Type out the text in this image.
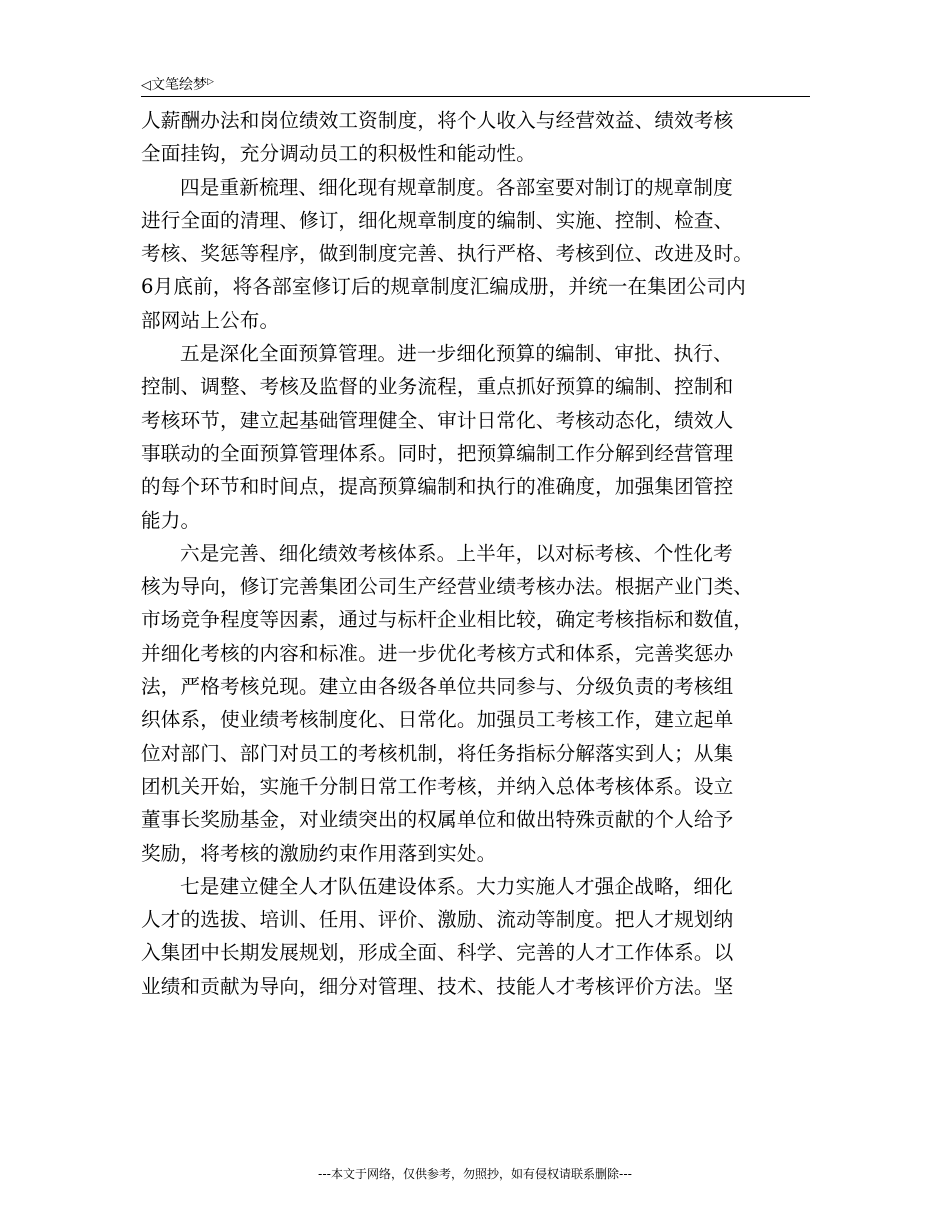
◁文笔绘梦▷
人薪酬办法和岗位绩效工资制度，将个人收入与经营效益、绩效考核
全面挂钩，充分调动员工的积极性和能动性。
四是重新梳理、细化现有规章制度。各部室要对制订的规章制度
进行全面的清理、修订，细化规章制度的编制、实施、控制、检查、
考核、奖惩等程序，做到制度完善、执行严格、考核到位、改进及时。
6月底前，将各部室修订后的规章制度汇编成册，并统一在集团公司内
部网站上公布。
五是深化全面预算管理。进一步细化预算的编制、审批、执行、
控制、调整、考核及监督的业务流程，重点抓好预算的编制、控制和
考核环节，建立起基础管理健全、审计日常化、考核动态化，绩效人
事联动的全面预算管理体系。同时，把预算编制工作分解到经营管理
的每个环节和时间点，提高预算编制和执行的准确度，加强集团管控
能力。
六是完善、细化绩效考核体系。上半年，以对标考核、个性化考
核为导向，修订完善集团公司生产经营业绩考核办法。根据产业门类、
市场竞争程度等因素，通过与标杆企业相比较，确定考核指标和数值，
并细化考核的内容和标准。进一步优化考核方式和体系，完善奖惩办
法，严格考核兑现。建立由各级各单位共同参与、分级负责的考核组
织体系，使业绩考核制度化、日常化。加强员工考核工作，建立起单
位对部门、部门对员工的考核机制，将任务指标分解落实到人；从集
团机关开始，实施千分制日常工作考核，并纳入总体考核体系。设立
董事长奖励基金，对业绩突出的权属单位和做出特殊贡献的个人给予
奖励，将考核的激励约束作用落到实处。
七是建立健全人才队伍建设体系。大力实施人才强企战略，细化
人才的选拔、培训、任用、评价、激励、流动等制度。把人才规划纳
入集团中长期发展规划，形成全面、科学、完善的人才工作体系。以
业绩和贡献为导向，细分对管理、技术、技能人才考核评价方法。坚
---本文于网络，仅供参考，勿照抄，如有侵权请联系删除---
